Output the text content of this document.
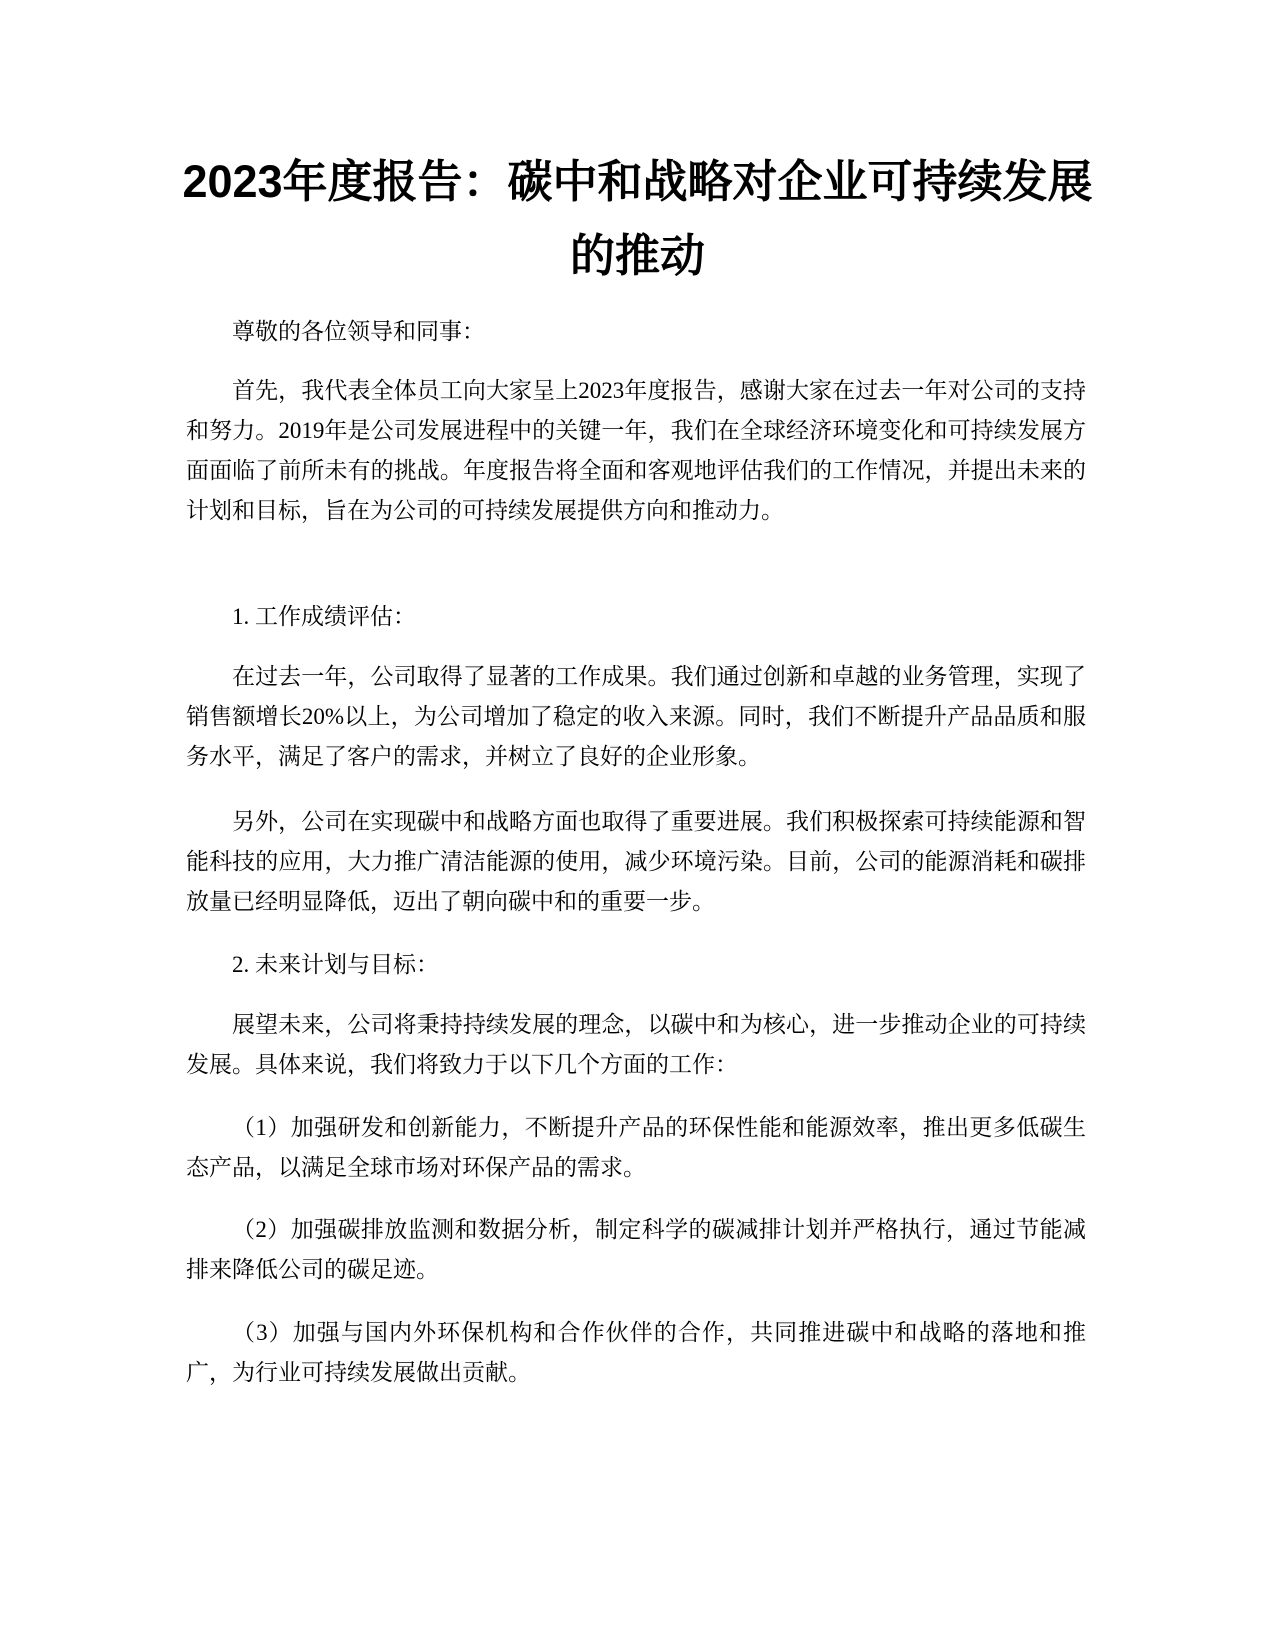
2023年度报告：碳中和战略对企业可持续发展的推动

尊敬的各位领导和同事：

首先，我代表全体员工向大家呈上2023年度报告，感谢大家在过去一年对公司的支持和努力。2019年是公司发展进程中的关键一年，我们在全球经济环境变化和可持续发展方面面临了前所未有的挑战。年度报告将全面和客观地评估我们的工作情况，并提出未来的计划和目标，旨在为公司的可持续发展提供方向和推动力。

1. 工作成绩评估：

在过去一年，公司取得了显著的工作成果。我们通过创新和卓越的业务管理，实现了销售额增长20%以上，为公司增加了稳定的收入来源。同时，我们不断提升产品品质和服务水平，满足了客户的需求，并树立了良好的企业形象。

另外，公司在实现碳中和战略方面也取得了重要进展。我们积极探索可持续能源和智能科技的应用，大力推广清洁能源的使用，减少环境污染。目前，公司的能源消耗和碳排放量已经明显降低，迈出了朝向碳中和的重要一步。

2. 未来计划与目标：

展望未来，公司将秉持持续发展的理念，以碳中和为核心，进一步推动企业的可持续发展。具体来说，我们将致力于以下几个方面的工作：

（1）加强研发和创新能力，不断提升产品的环保性能和能源效率，推出更多低碳生态产品，以满足全球市场对环保产品的需求。

（2）加强碳排放监测和数据分析，制定科学的碳减排计划并严格执行，通过节能减排来降低公司的碳足迹。

（3）加强与国内外环保机构和合作伙伴的合作，共同推进碳中和战略的落地和推广，为行业可持续发展做出贡献。
